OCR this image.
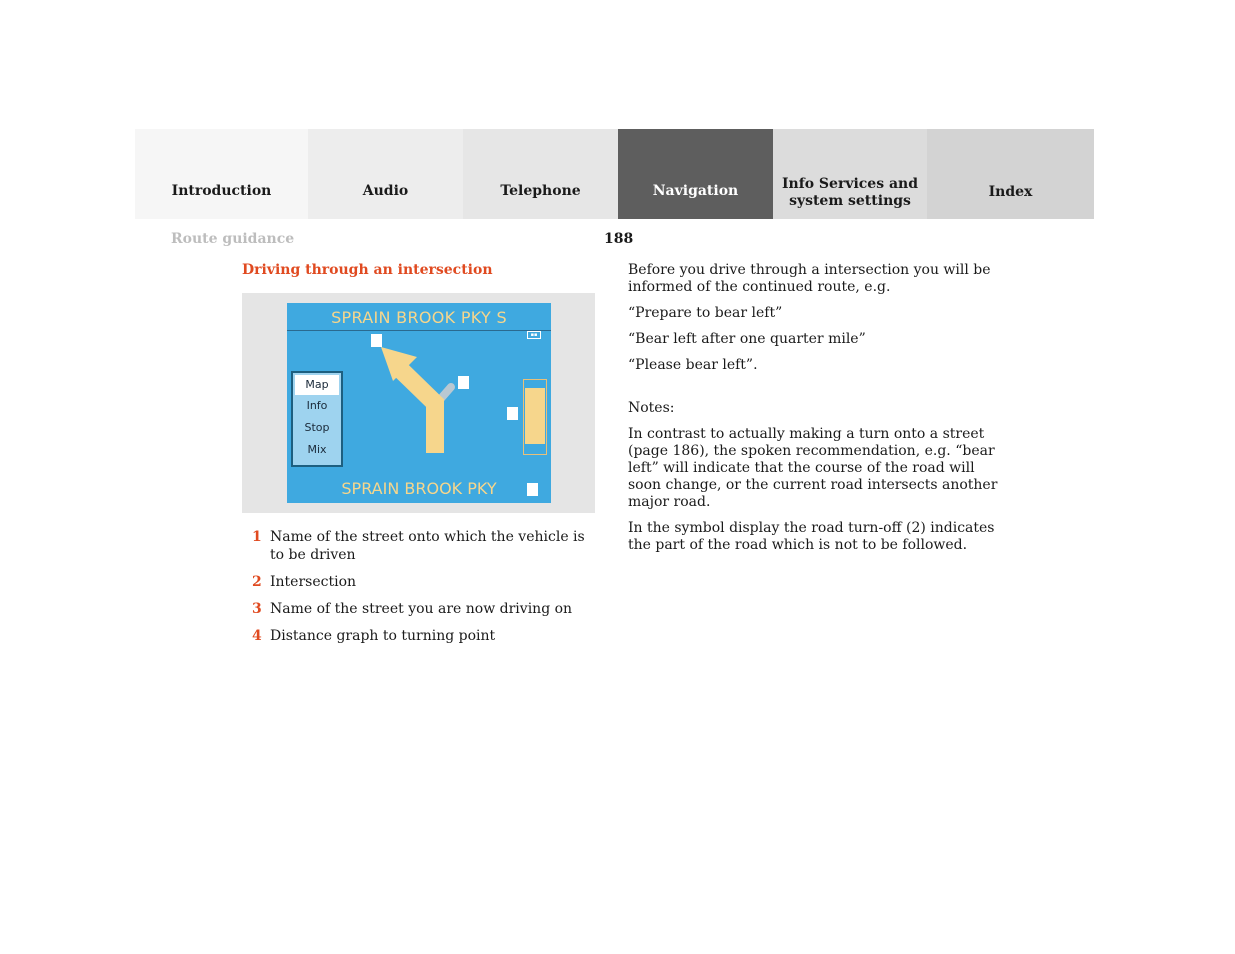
Introduction	Audio	Telephone	Navigation	Info Services and
system settings
Index
Route guidance	188
Driving through an intersection
SPRAIN BROOK PKY S
▪▪
Map
Info
Stop
Mix
SPRAIN BROOK PKY
1 Name of the street onto which the vehicle is to be driven
2 Intersection
3 Name of the street you are now driving on
4 Distance graph to turning point

Before you drive through a intersection you will be informed of the continued route, e.g.

“Prepare to bear left”

“Bear left after one quarter mile”

“Please bear left”.

Notes:

In contrast to actually making a turn onto a street (page 186), the spoken recommendation, e.g. “bear left” will indicate that the course of the road will soon change, or the current road intersects another major road.

In the symbol display the road turn-off (2) indicates the part of the road which is not to be followed.
